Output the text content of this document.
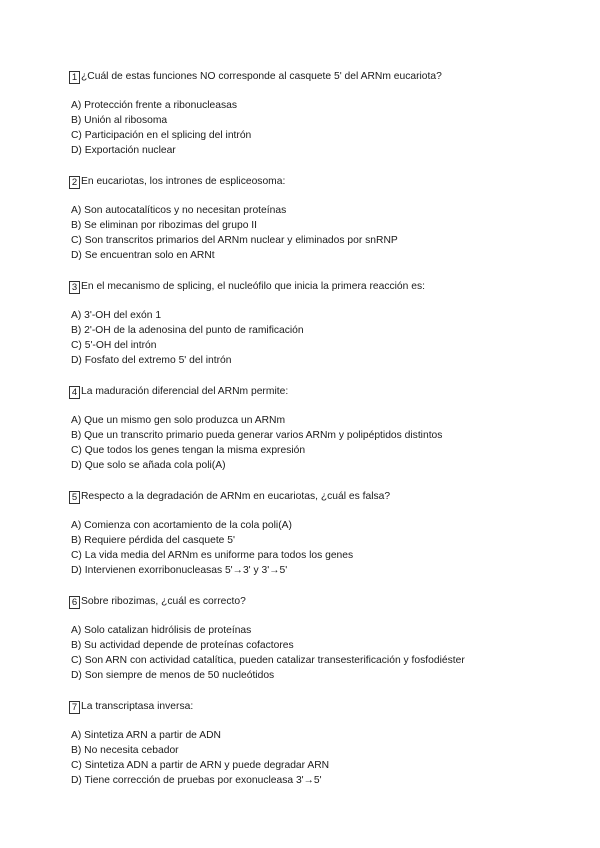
1 ¿Cuál de estas funciones NO corresponde al casquete 5' del ARNm eucariota?
A) Protección frente a ribonucleasas
B) Unión al ribosoma
C) Participación en el splicing del intrón
D) Exportación nuclear
2 En eucariotas, los intrones de espliceosoma:
A) Son autocatalíticos y no necesitan proteínas
B) Se eliminan por ribozimas del grupo II
C) Son transcritos primarios del ARNm nuclear y eliminados por snRNP
D) Se encuentran solo en ARNt
3 En el mecanismo de splicing, el nucleófilo que inicia la primera reacción es:
A) 3'-OH del exón 1
B) 2'-OH de la adenosina del punto de ramificación
C) 5'-OH del intrón
D) Fosfato del extremo 5' del intrón
4 La maduración diferencial del ARNm permite:
A) Que un mismo gen solo produzca un ARNm
B) Que un transcrito primario pueda generar varios ARNm y polipéptidos distintos
C) Que todos los genes tengan la misma expresión
D) Que solo se añada cola poli(A)
5 Respecto a la degradación de ARNm en eucariotas, ¿cuál es falsa?
A) Comienza con acortamiento de la cola poli(A)
B) Requiere pérdida del casquete 5'
C) La vida media del ARNm es uniforme para todos los genes
D) Intervienen exorribonucleasas 5'→3' y 3'→5'
6 Sobre ribozimas, ¿cuál es correcto?
A) Solo catalizan hidrólisis de proteínas
B) Su actividad depende de proteínas cofactores
C) Son ARN con actividad catalítica, pueden catalizar transesterificación y fosfodiéster
D) Son siempre de menos de 50 nucleótidos
7 La transcriptasa inversa:
A) Sintetiza ARN a partir de ADN
B) No necesita cebador
C) Sintetiza ADN a partir de ARN y puede degradar ARN
D) Tiene corrección de pruebas por exonucleasa 3'→5'
